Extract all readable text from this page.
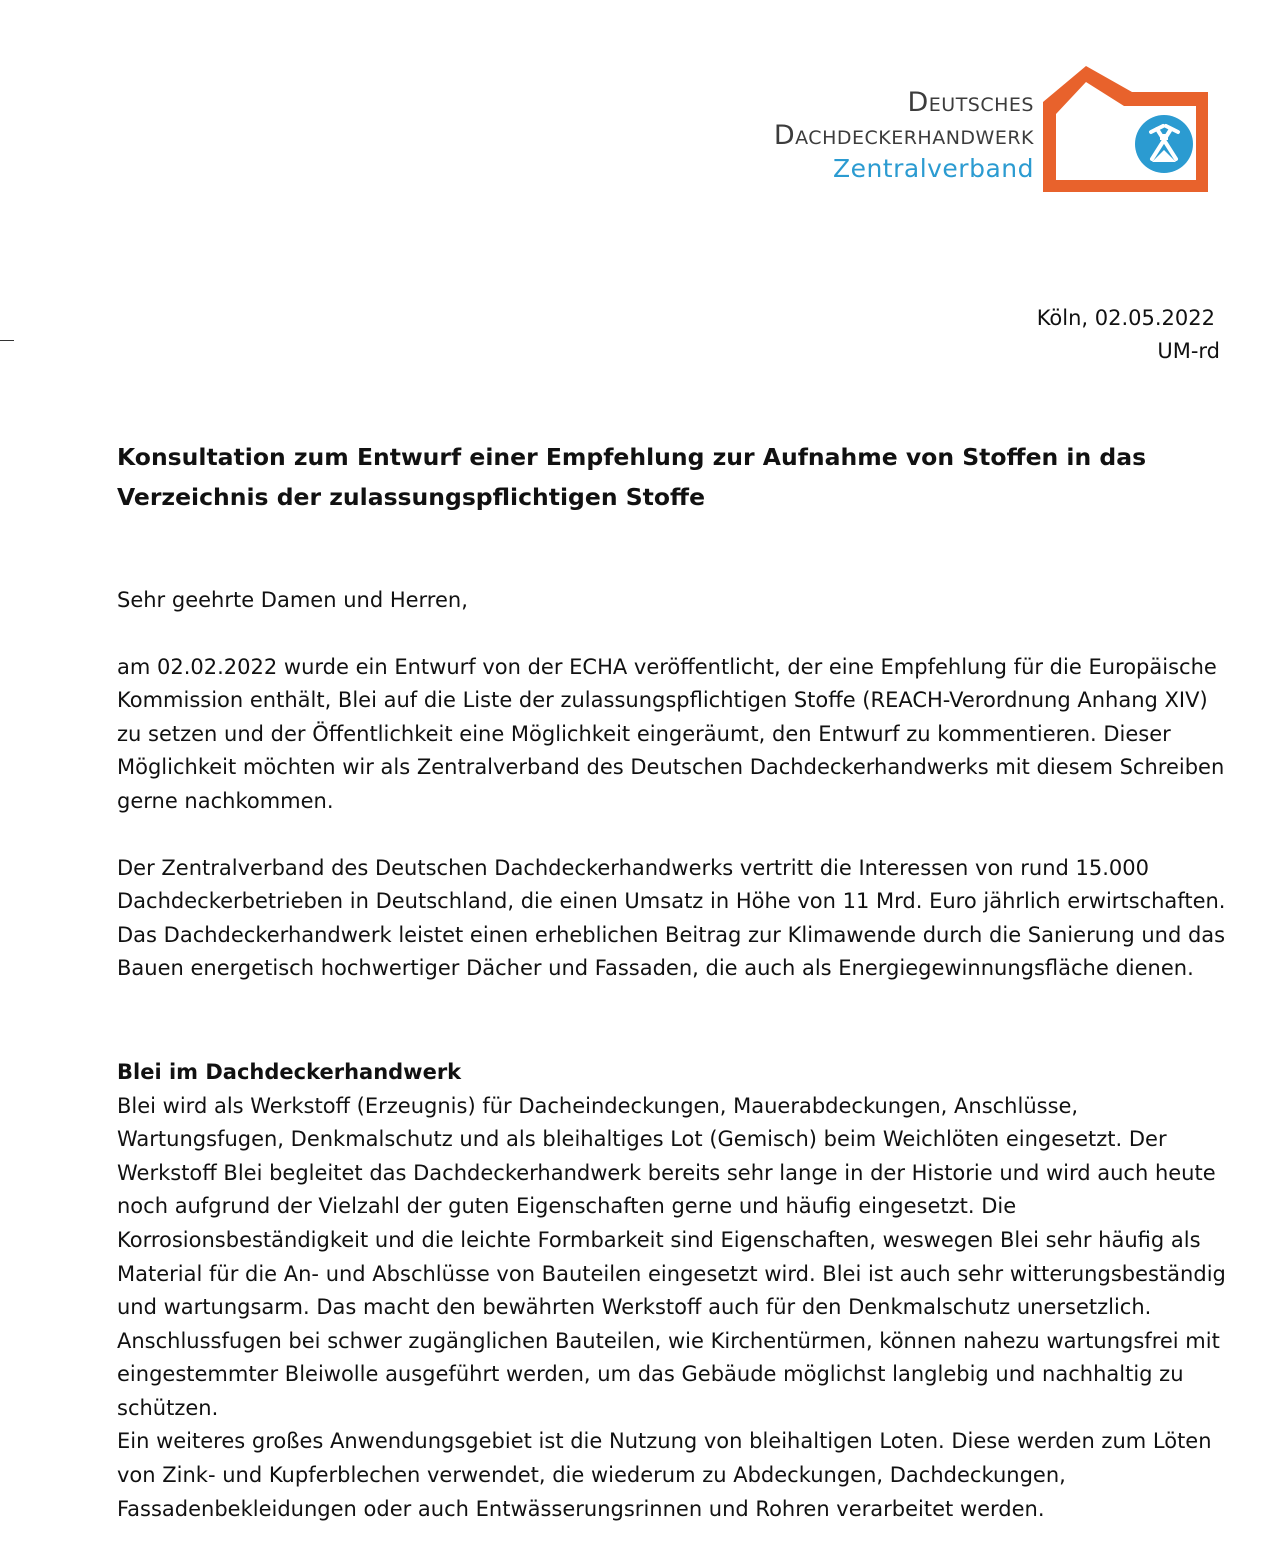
Deutsches
Dachdeckerhandwerk
Zentralverband
Köln, 02.05.2022
UM-rd
Konsultation zum Entwurf einer Empfehlung zur Aufnahme von Stoffen in das Verzeichnis der zulassungspflichtigen Stoffe

Sehr geehrte Damen und Herren,

am 02.02.2022 wurde ein Entwurf von der ECHA veröffentlicht, der eine Empfehlung für die Europäische Kommission enthält, Blei auf die Liste der zulassungspflichtigen Stoffe (REACH-Verordnung Anhang XIV) zu setzen und der Öffentlichkeit eine Möglichkeit eingeräumt, den Entwurf zu kommentieren. Dieser Möglichkeit möchten wir als Zentralverband des Deutschen Dachdeckerhandwerks mit diesem Schreiben gerne nachkommen.

Der Zentralverband des Deutschen Dachdeckerhandwerks vertritt die Interessen von rund 15.000 Dachdeckerbetrieben in Deutschland, die einen Umsatz in Höhe von 11 Mrd. Euro jährlich erwirtschaften. Das Dachdeckerhandwerk leistet einen erheblichen Beitrag zur Klimawende durch die Sanierung und das Bauen energetisch hochwertiger Dächer und Fassaden, die auch als Energiegewinnungsfläche dienen.

Blei im Dachdeckerhandwerk

Blei wird als Werkstoff (Erzeugnis) für Dacheindeckungen, Mauerabdeckungen, Anschlüsse, Wartungsfugen, Denkmalschutz und als bleihaltiges Lot (Gemisch) beim Weichlöten eingesetzt. Der Werkstoff Blei begleitet das Dachdeckerhandwerk bereits sehr lange in der Historie und wird auch heute noch aufgrund der Vielzahl der guten Eigenschaften gerne und häufig eingesetzt. Die Korrosionsbeständigkeit und die leichte Formbarkeit sind Eigenschaften, weswegen Blei sehr häufig als Material für die An- und Abschlüsse von Bauteilen eingesetzt wird. Blei ist auch sehr witterungsbeständig und wartungsarm. Das macht den bewährten Werkstoff auch für den Denkmalschutz unersetzlich. Anschlussfugen bei schwer zugänglichen Bauteilen, wie Kirchentürmen, können nahezu wartungsfrei mit eingestemmter Bleiwolle ausgeführt werden, um das Gebäude möglichst langlebig und nachhaltig zu schützen.

Ein weiteres großes Anwendungsgebiet ist die Nutzung von bleihaltigen Loten. Diese werden zum Löten von Zink- und Kupferblechen verwendet, die wiederum zu Abdeckungen, Dachdeckungen, Fassadenbekleidungen oder auch Entwässerungsrinnen und Rohren verarbeitet werden.
